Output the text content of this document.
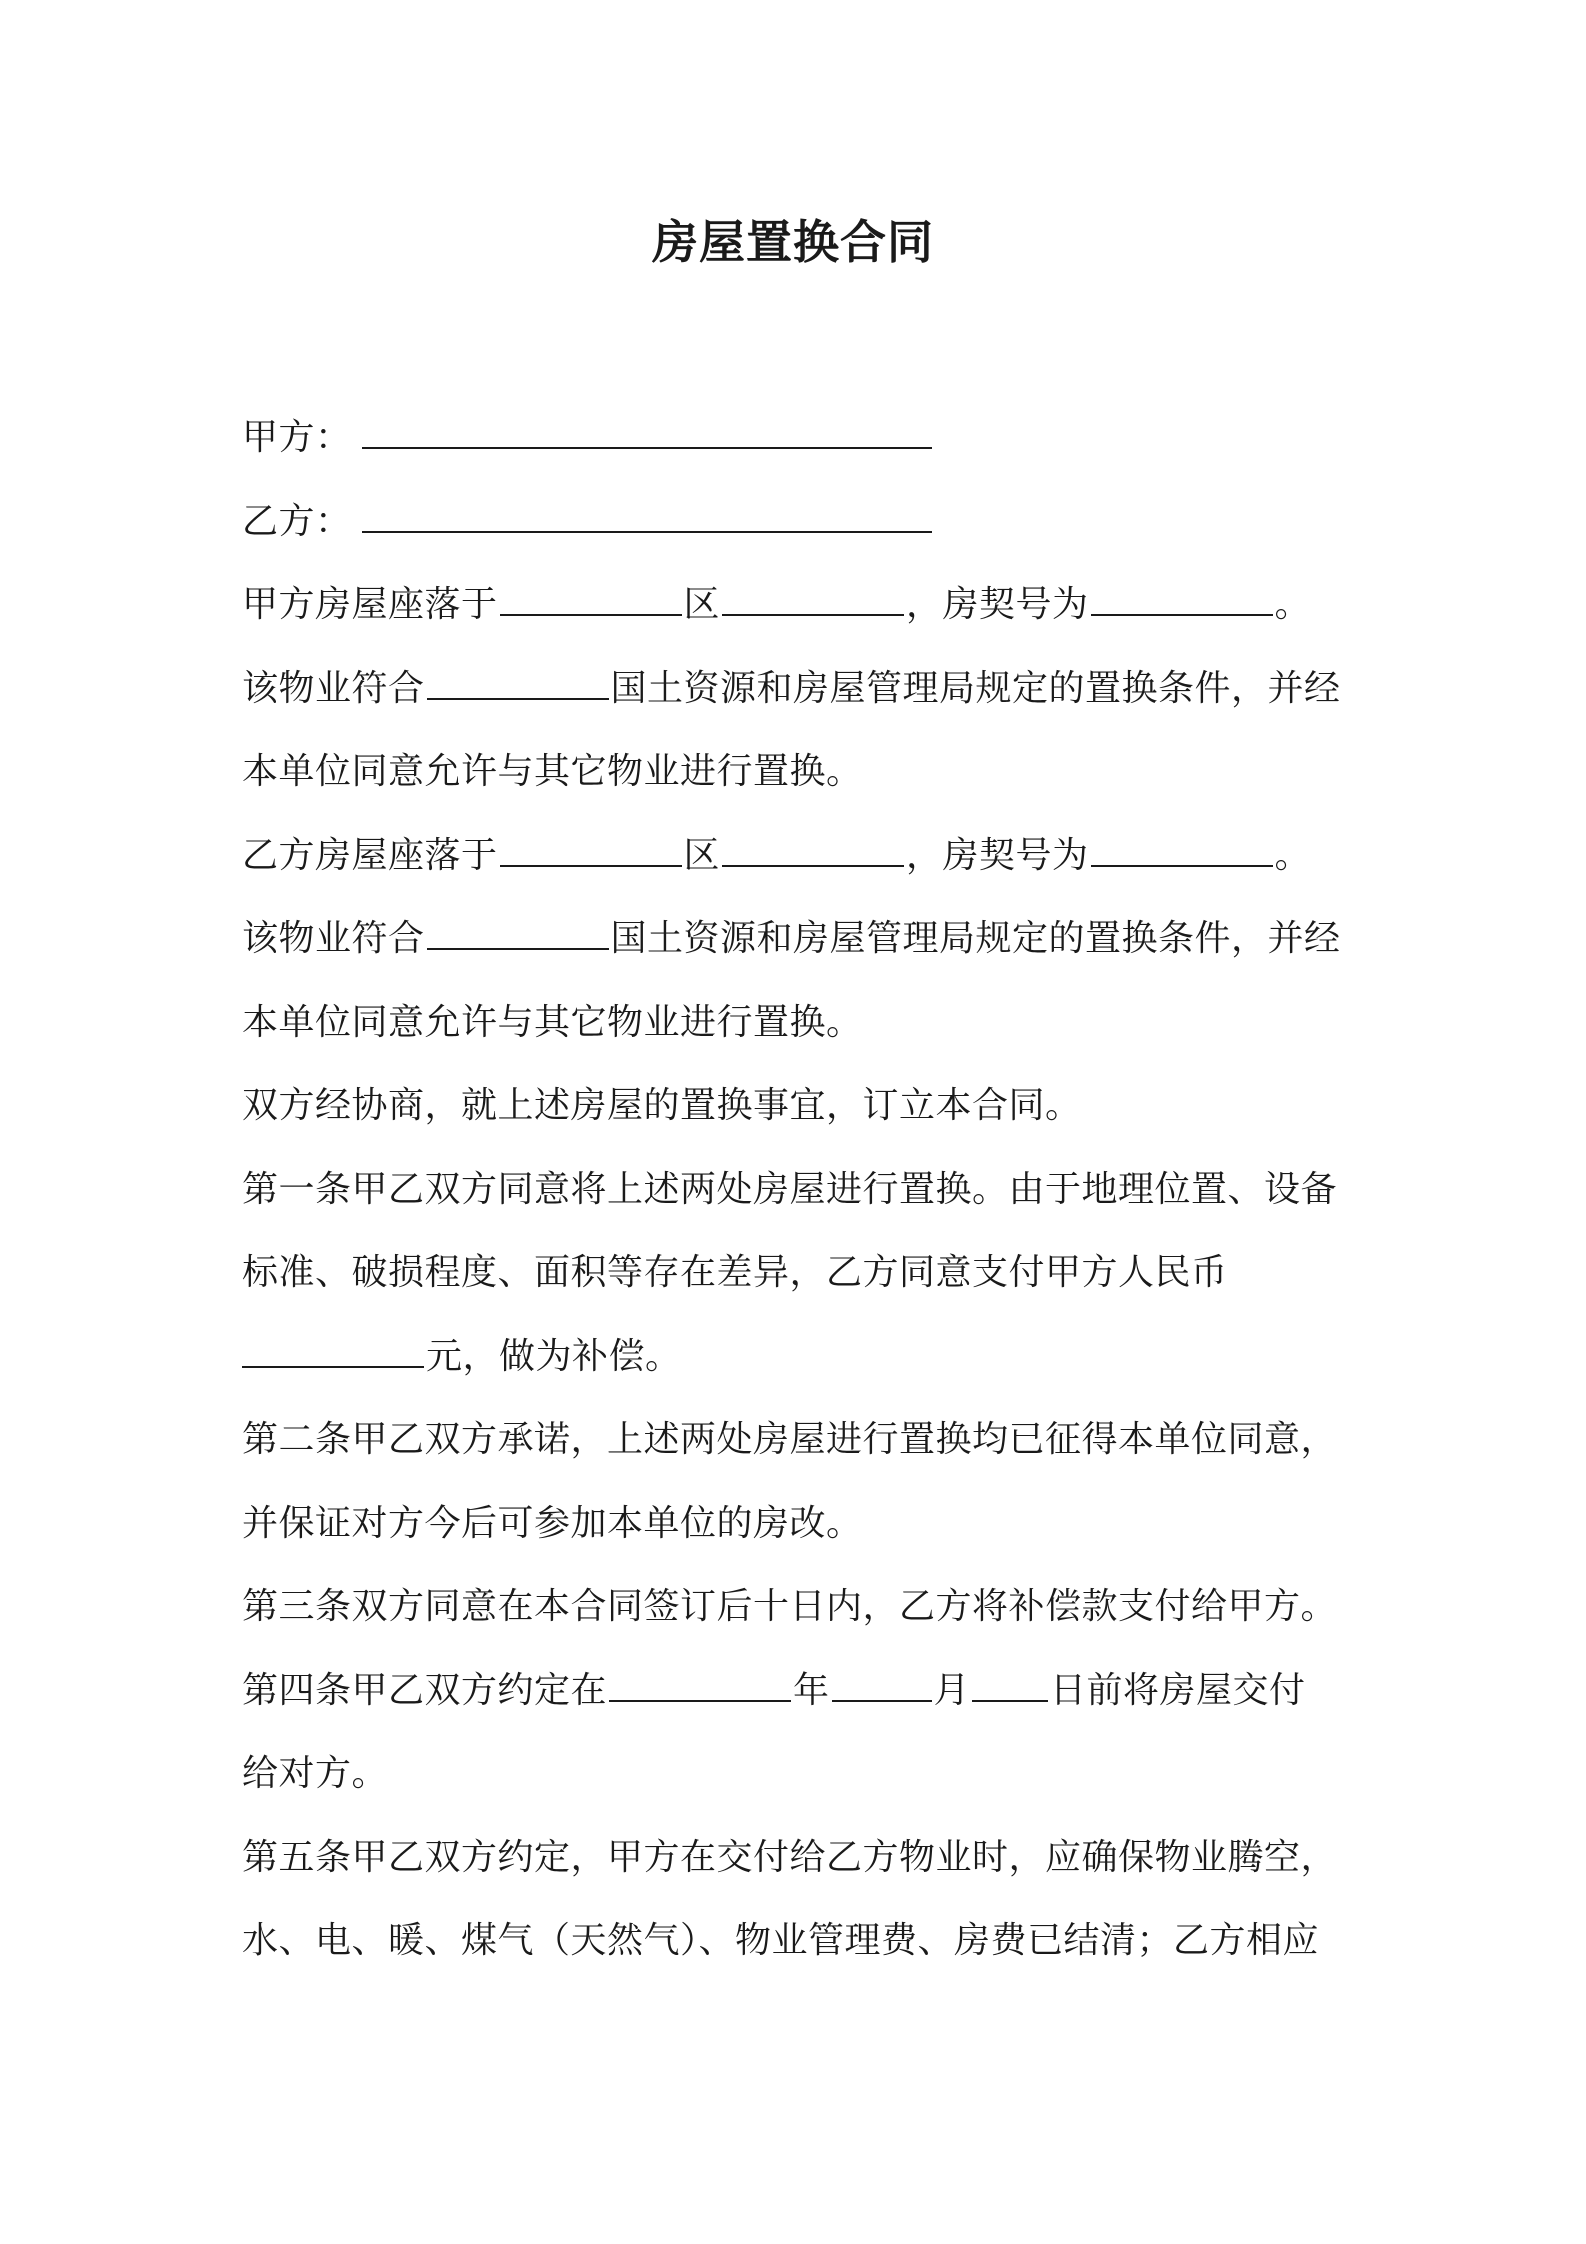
房屋置换合同
甲方：
乙方：
甲方房屋座落于	区	，房契号为	。
该物业符合	国土资源和房屋管理局规定的置换条件，并经
本单位同意允许与其它物业进行置换。
乙方房屋座落于	区	，房契号为	。
该物业符合	国土资源和房屋管理局规定的置换条件，并经
本单位同意允许与其它物业进行置换。
双方经协商，就上述房屋的置换事宜，订立本合同。
第一条甲乙双方同意将上述两处房屋进行置换。由于地理位置、设备
标准、破损程度、面积等存在差异，乙方同意支付甲方人民币
元，做为补偿。
第二条甲乙双方承诺，上述两处房屋进行置换均已征得本单位同意，
并保证对方今后可参加本单位的房改。
第三条双方同意在本合同签订后十日内，乙方将补偿款支付给甲方。
第四条甲乙双方约定在	年	月 日前将房屋交付
给对方。
第五条甲乙双方约定，甲方在交付给乙方物业时，应确保物业腾空，
水、电、暖、煤气（天然气）、物业管理费、房费已结清；乙方相应
